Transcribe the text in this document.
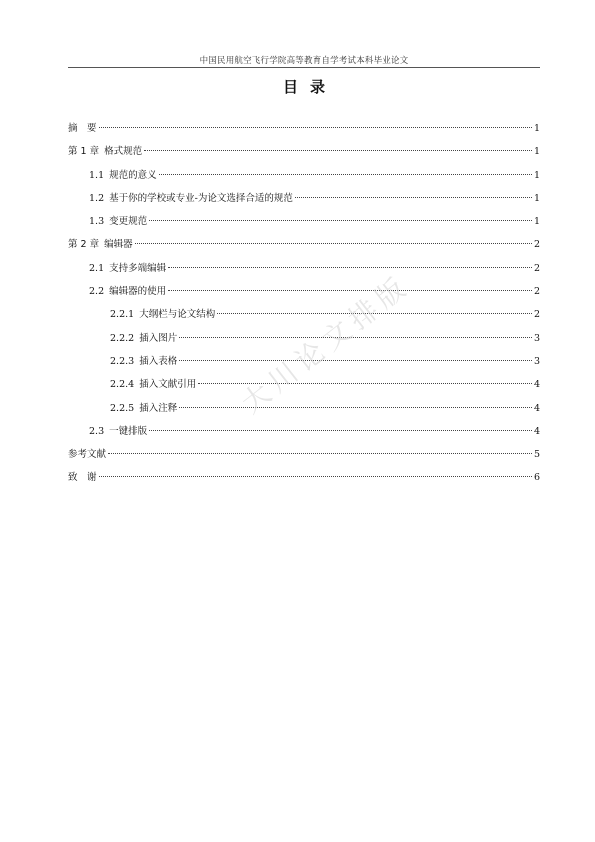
中国民用航空飞行学院高等教育自学考试本科毕业论文
目录
摘　要	1
第 1 章 格式规范	1
1.1 规范的意义	1
1.2 基于你的学校或专业-为论文选择合适的规范	1
1.3 变更规范	1
第 2 章 编辑器	2
2.1 支持多端编辑	2
2.2 编辑器的使用	2
2.2.1 大纲栏与论文结构	2
2.2.2 插入图片	3
2.2.3 插入表格	3
2.2.4 插入文献引用	4
2.2.5 插入注释	4
2.3 一键排版	4
参考文献	5
致　谢	6
大川论文排版
